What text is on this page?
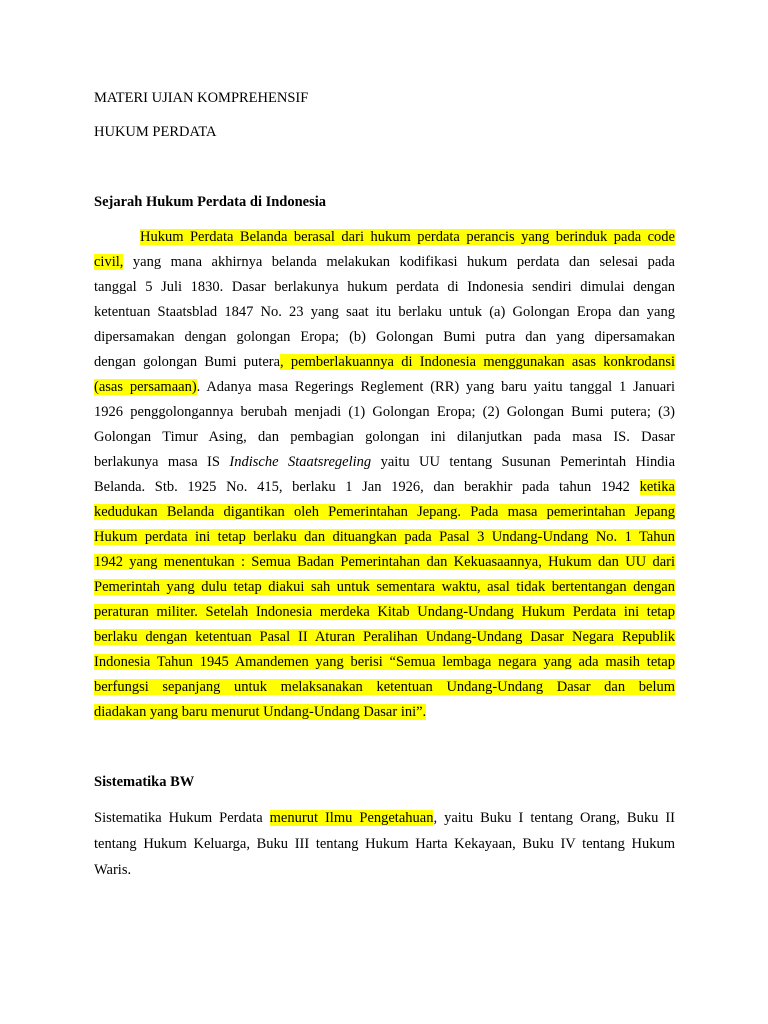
MATERI UJIAN KOMPREHENSIF
HUKUM PERDATA
Sejarah Hukum Perdata di Indonesia
Hukum Perdata Belanda berasal dari hukum perdata perancis yang berinduk pada code
civil, yang mana akhirnya belanda melakukan kodifikasi hukum perdata dan selesai pada
tanggal 5 Juli 1830. Dasar berlakunya hukum perdata di Indonesia sendiri dimulai dengan
ketentuan Staatsblad 1847 No. 23 yang saat itu berlaku untuk (a) Golongan Eropa dan yang
dipersamakan dengan golongan Eropa; (b) Golongan Bumi putra dan yang dipersamakan
dengan golongan Bumi putera, pemberlakuannya di Indonesia menggunakan asas konkrodansi
(asas persamaan). Adanya masa Regerings Reglement (RR) yang baru yaitu tanggal 1 Januari
1926 penggolongannya berubah menjadi (1) Golongan Eropa; (2) Golongan Bumi putera; (3)
Golongan Timur Asing, dan pembagian golongan ini dilanjutkan pada masa IS. Dasar
berlakunya masa IS Indische Staatsregeling yaitu UU tentang Susunan Pemerintah Hindia
Belanda. Stb. 1925 No. 415, berlaku 1 Jan 1926, dan berakhir pada tahun 1942 ketika
kedudukan Belanda digantikan oleh Pemerintahan Jepang. Pada masa pemerintahan Jepang
Hukum perdata ini tetap berlaku dan dituangkan pada Pasal 3 Undang-Undang No. 1 Tahun
1942 yang menentukan : Semua Badan Pemerintahan dan Kekuasaannya, Hukum dan UU dari
Pemerintah yang dulu tetap diakui sah untuk sementara waktu, asal tidak bertentangan dengan
peraturan militer. Setelah Indonesia merdeka Kitab Undang-Undang Hukum Perdata ini tetap
berlaku dengan ketentuan Pasal II Aturan Peralihan Undang-Undang Dasar Negara Republik
Indonesia Tahun 1945 Amandemen yang berisi “Semua lembaga negara yang ada masih tetap
berfungsi sepanjang untuk melaksanakan ketentuan Undang-Undang Dasar dan belum
diadakan yang baru menurut Undang-Undang Dasar ini”.
Sistematika BW
Sistematika Hukum Perdata menurut Ilmu Pengetahuan, yaitu Buku I tentang Orang, Buku II
tentang Hukum Keluarga, Buku III tentang Hukum Harta Kekayaan, Buku IV tentang Hukum
Waris.
